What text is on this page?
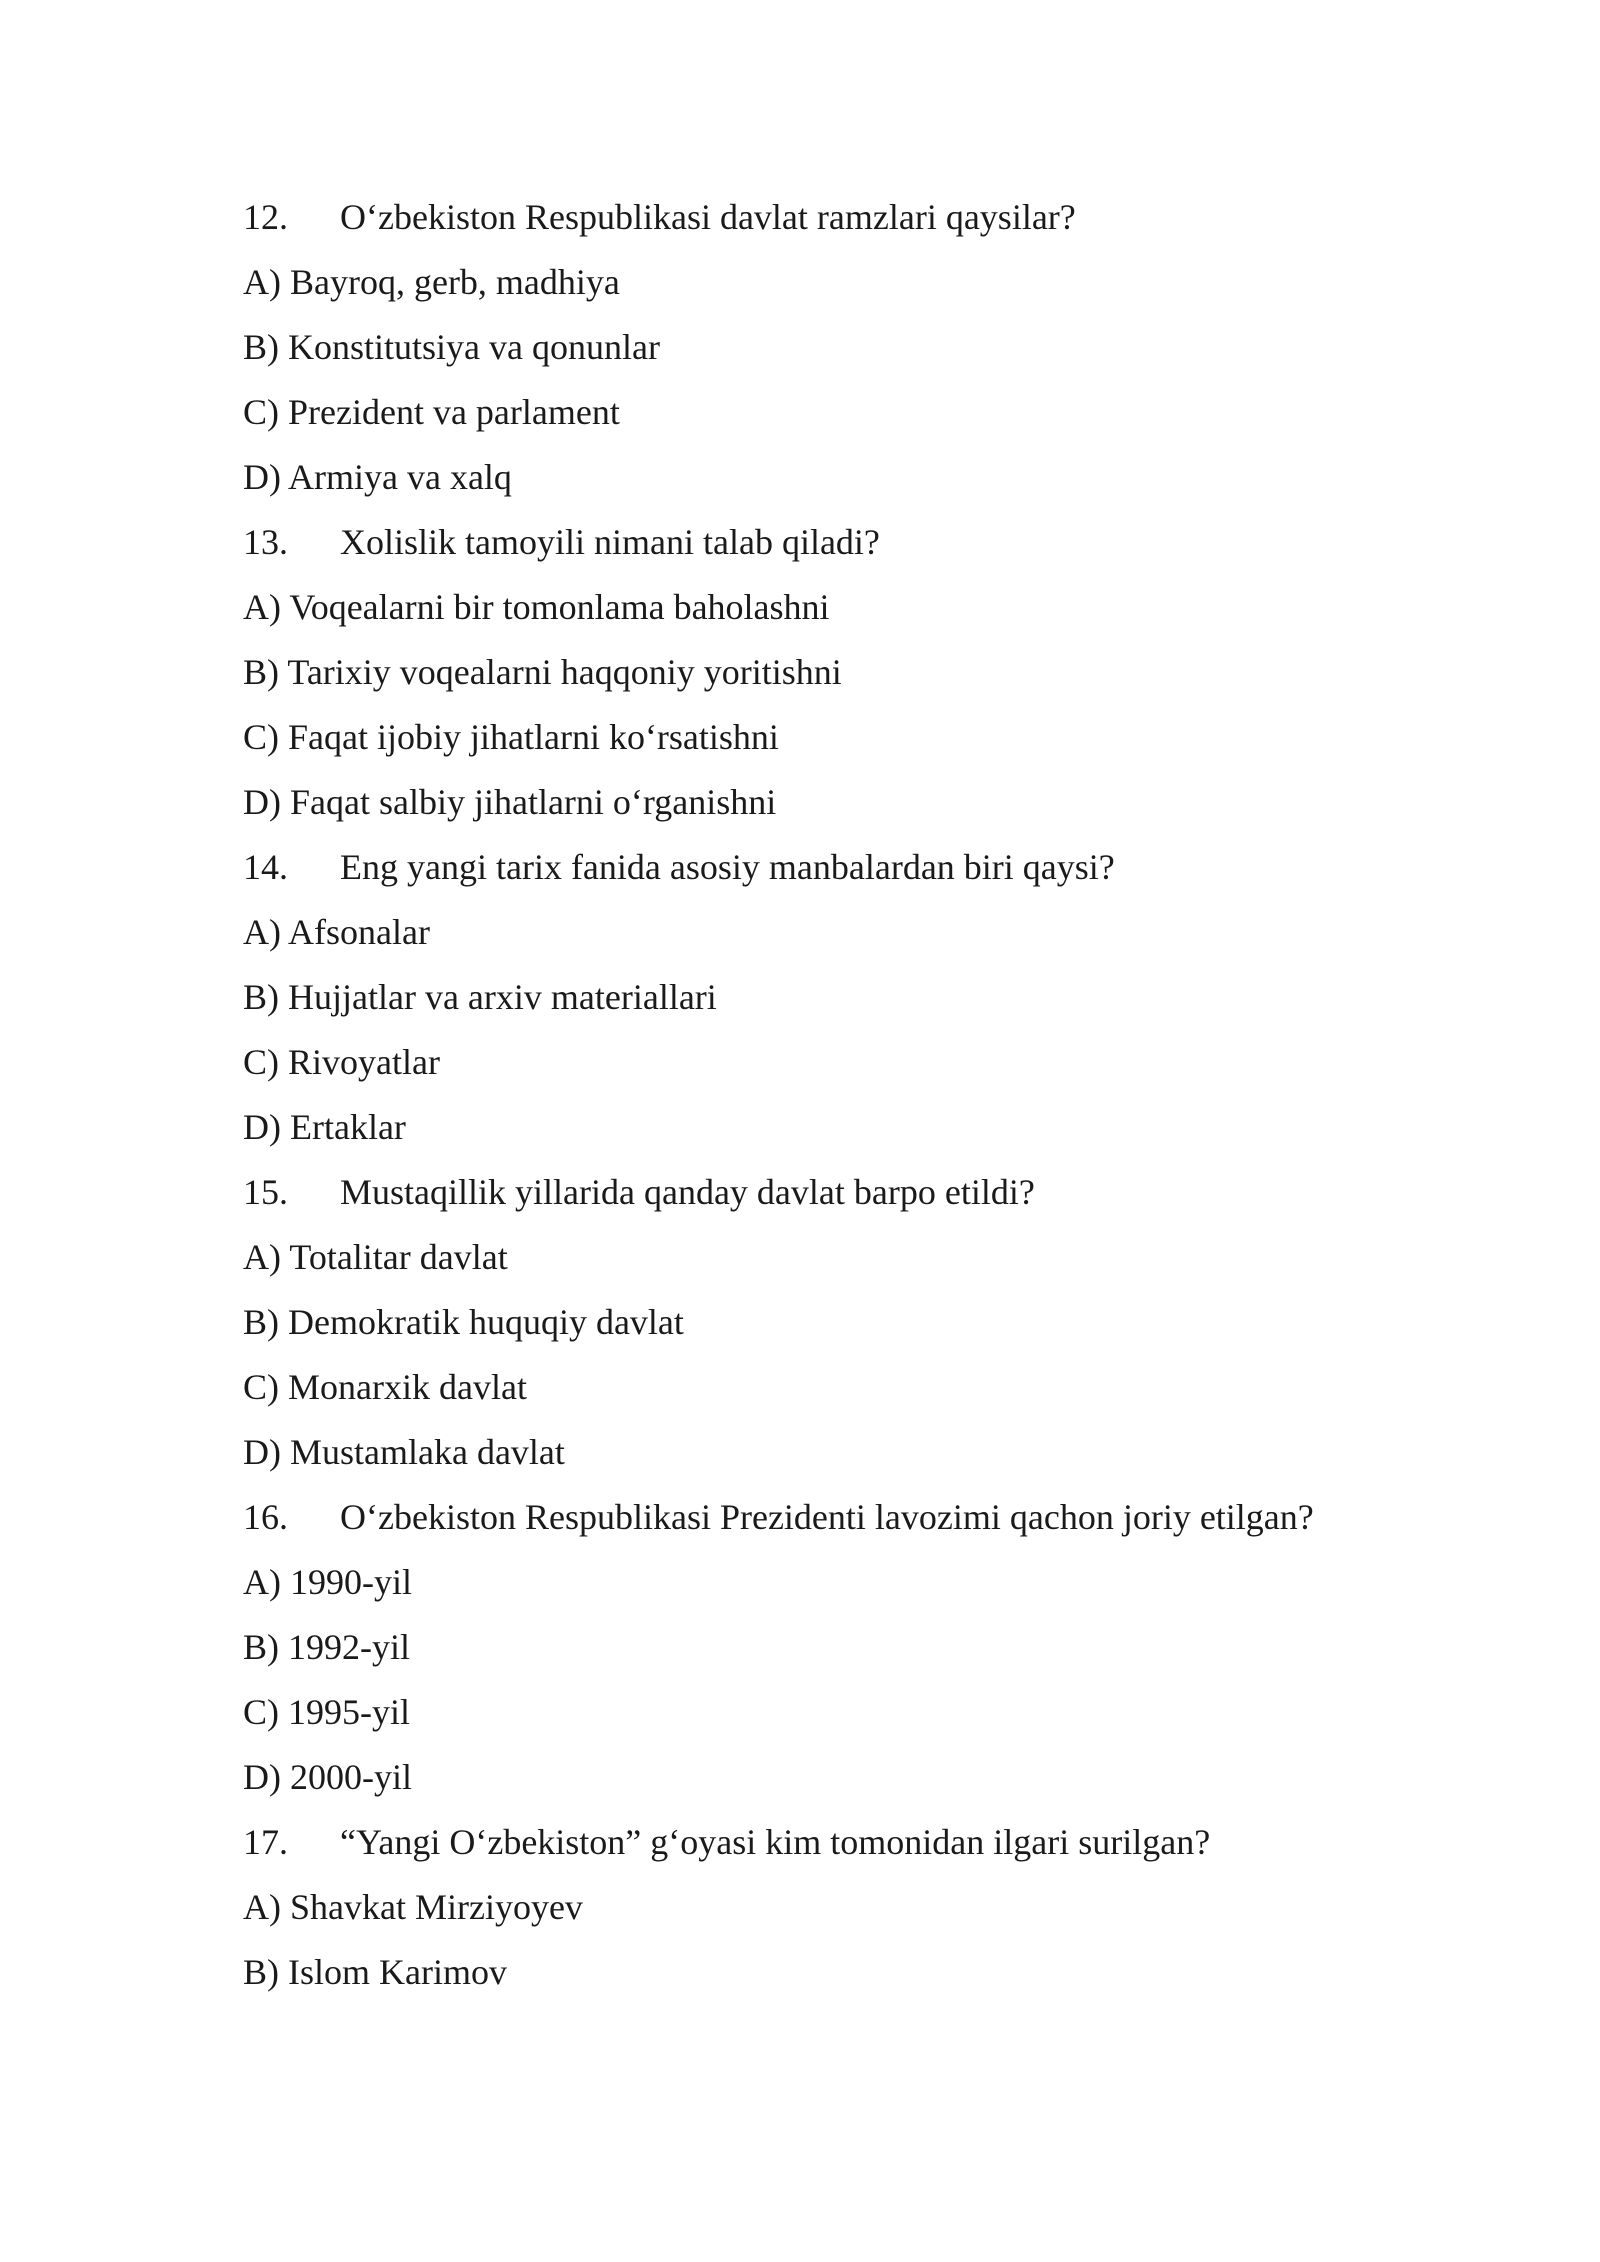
12. O‘zbekiston Respublikasi davlat ramzlari qaysilar?
A) Bayroq, gerb, madhiya
B) Konstitutsiya va qonunlar
C) Prezident va parlament
D) Armiya va xalq
13. Xolislik tamoyili nimani talab qiladi?
A) Voqealarni bir tomonlama baholashni
B) Tarixiy voqealarni haqqoniy yoritishni
C) Faqat ijobiy jihatlarni ko‘rsatishni
D) Faqat salbiy jihatlarni o‘rganishni
14. Eng yangi tarix fanida asosiy manbalardan biri qaysi?
A) Afsonalar
B) Hujjatlar va arxiv materiallari
C) Rivoyatlar
D) Ertaklar
15. Mustaqillik yillarida qanday davlat barpo etildi?
A) Totalitar davlat
B) Demokratik huquqiy davlat
C) Monarxik davlat
D) Mustamlaka davlat
16. O‘zbekiston Respublikasi Prezidenti lavozimi qachon joriy etilgan?
A) 1990-yil
B) 1992-yil
C) 1995-yil
D) 2000-yil
17. “Yangi O‘zbekiston” g‘oyasi kim tomonidan ilgari surilgan?
A) Shavkat Mirziyoyev
B) Islom Karimov
